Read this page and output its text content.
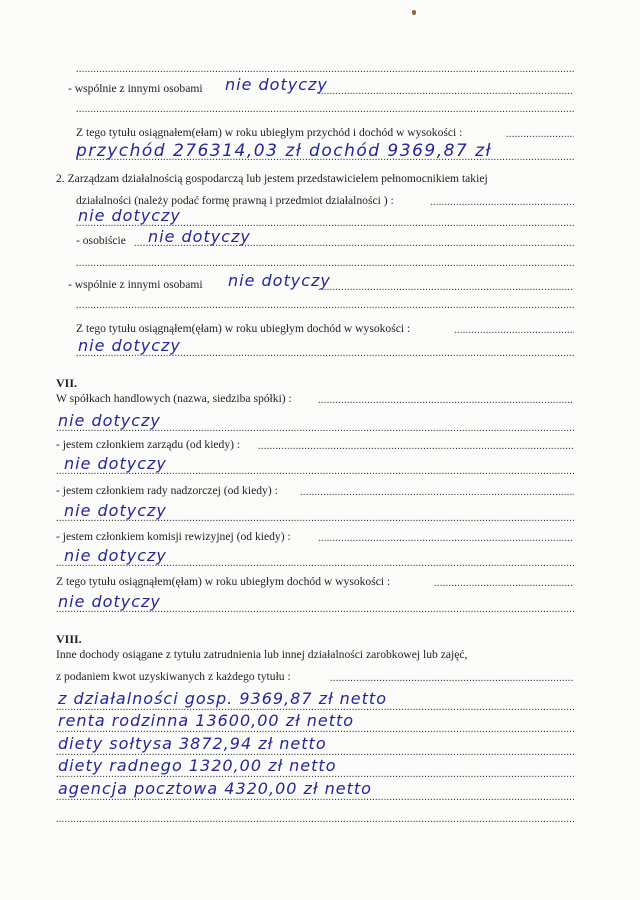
.....
- wspólnie z innymi osobami ..... nie dotyczy
.....
Z tego tytułu osiągnałem(ełam) w roku ubiegłym przychód i dochód w wysokości :
.....
przychód 276314,03 zł dochód 9369,87 zł
.....
2. Zarządzam działalnością gospodarczą lub jestem przedstawicielem pełnomocnikiem takiej
działalności (należy podać formę prawną i przedmiot działalności ) :
.....
nie dotyczy
.....
- osobiście ..... nie dotyczy
.....
- wspólnie z innymi osobami ..... nie dotyczy
.....
Z tego tytułu osiągnąłem(ęłam) w roku ubiegłym dochód w wysokości :
.....
nie dotyczy
.....
VII.
W spółkach handlowych (nazwa, siedziba spółki) :
.....
nie dotyczy
.....
- jestem członkiem zarządu (od kiedy) :
.....
nie dotyczy
.....
- jestem członkiem rady nadzorczej (od kiedy) :
.....
nie dotyczy
.....
- jestem członkiem komisji rewizyjnej (od kiedy) :
.....
nie dotyczy
.....
Z tego tytułu osiągnąłem(ęłam) w roku ubiegłym dochód w wysokości :
.....
nie dotyczy
.....
VIII.
Inne dochody osiągane z tytułu zatrudnienia lub innej działalności zarobkowej lub zajęć,
z podaniem kwot uzyskiwanych z każdego tytułu :
.....
z działalności gosp. 9369,87 zł netto
.....
renta rodzinna 13600,00 zł netto
.....
diety sołtysa 3872,94 zł netto
.....
diety radnego 1320,00 zł netto
.....
agencja pocztowa 4320,00 zł netto
.....
.....
